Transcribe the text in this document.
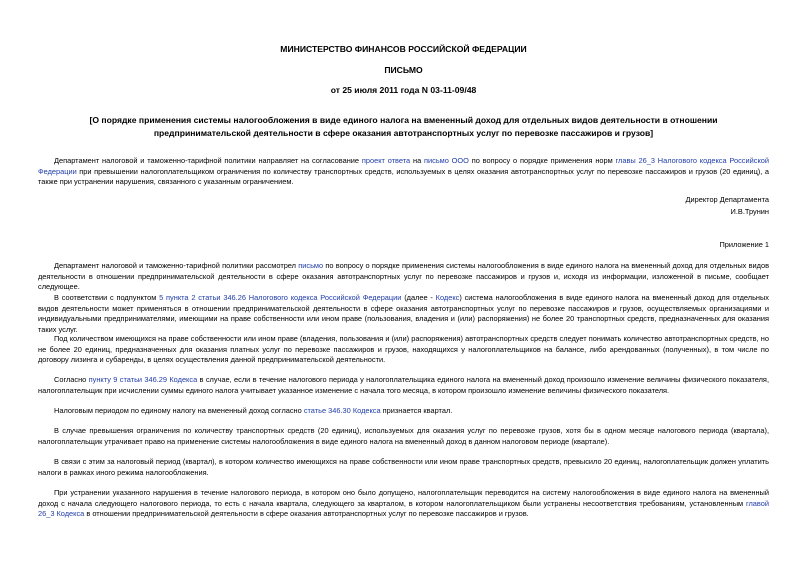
МИНИСТЕРСТВО ФИНАНСОВ РОССИЙСКОЙ ФЕДЕРАЦИИ
ПИСЬМО
от 25 июля 2011 года N 03-11-09/48
[О порядке применения системы налогообложения в виде единого налога на вмененный доход для отдельных видов деятельности в отношении предпринимательской деятельности в сфере оказания автотранспортных услуг по перевозке пассажиров и грузов]

Департамент налоговой и таможенно-тарифной политики направляет на согласование проект ответа на письмо ООО по вопросу о порядке применения норм главы 26_3 Налогового кодекса Российской Федерации при превышении налогоплательщиком ограничения по количеству транспортных средств, используемых в целях оказания автотранспортных услуг по перевозке пассажиров и грузов (20 единиц), а также при устранении нарушения, связанного с указанным ограничением.

Директор Департамента
И.В.Трунин
Приложение 1

Департамент налоговой и таможенно-тарифной политики рассмотрел письмо по вопросу о порядке применения системы налогообложения в виде единого налога на вмененный доход для отдельных видов деятельности в отношении предпринимательской деятельности в сфере оказания автотранспортных услуг по перевозке пассажиров и грузов и, исходя из информации, изложенной в письме, сообщает следующее.

В соответствии с подпунктом 5 пункта 2 статьи 346.26 Налогового кодекса Российской Федерации (далее - Кодекс) система налогообложения в виде единого налога на вмененный доход для отдельных видов деятельности может применяться в отношении предпринимательской деятельности в сфере оказания автотранспортных услуг по перевозке пассажиров и грузов, осуществляемых организациями и индивидуальными предпринимателями, имеющими на праве собственности или ином праве (пользования, владения и (или) распоряжения) не более 20 транспортных средств, предназначенных для оказания таких услуг.

Под количеством имеющихся на праве собственности или ином праве (владения, пользования и (или) распоряжения) автотранспортных средств следует понимать количество автотранспортных средств, но не более 20 единиц, предназначенных для оказания платных услуг по перевозке пассажиров и грузов, находящихся у налогоплательщиков на балансе, либо арендованных (полученных), в том числе по договору лизинга и субаренды, в целях осуществления данной предпринимательской деятельности.

Согласно пункту 9 статьи 346.29 Кодекса в случае, если в течение налогового периода у налогоплательщика единого налога на вмененный доход произошло изменение величины физического показателя, налогоплательщик при исчислении суммы единого налога учитывает указанное изменение с начала того месяца, в котором произошло изменение величины физического показателя.

Налоговым периодом по единому налогу на вмененный доход согласно статье 346.30 Кодекса признается квартал.

В случае превышения ограничения по количеству транспортных средств (20 единиц), используемых для оказания услуг по перевозке грузов, хотя бы в одном месяце налогового периода (квартала), налогоплательщик утрачивает право на применение системы налогообложения в виде единого налога на вмененный доход в данном налоговом периоде (квартале).

В связи с этим за налоговый период (квартал), в котором количество имеющихся на праве собственности или ином праве транспортных средств, превысило 20 единиц, налогоплательщик должен уплатить налоги в рамках иного режима налогообложения.

При устранении указанного нарушения в течение налогового периода, в котором оно было допущено, налогоплательщик переводится на систему налогообложения в виде единого налога на вмененный доход с начала следующего налогового периода, то есть с начала квартала, следующего за кварталом, в котором налогоплательщиком были устранены несоответствия требованиям, установленным главой 26_3 Кодекса в отношении предпринимательской деятельности в сфере оказания автотранспортных услуг по перевозке пассажиров и грузов.
